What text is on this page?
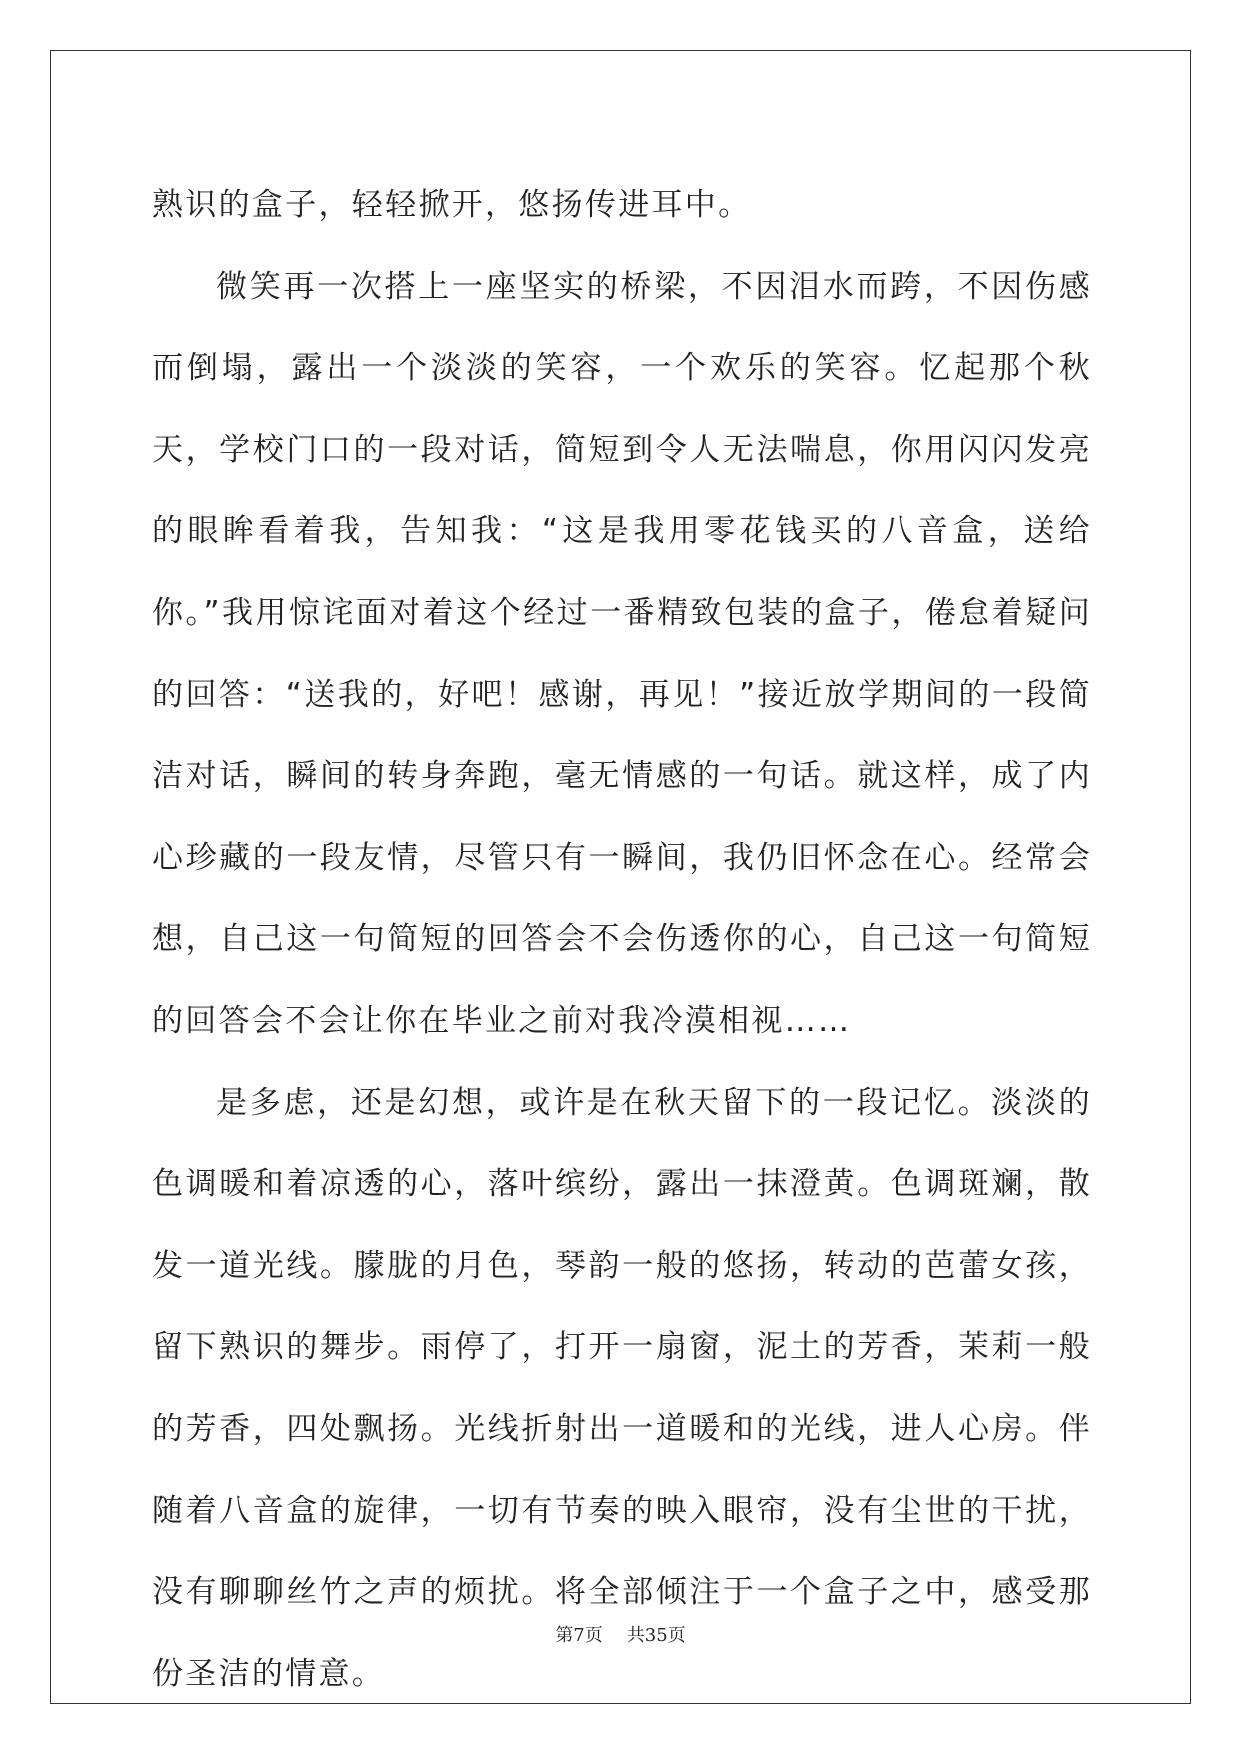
熟识的盒子，轻轻掀开，悠扬传进耳中。

微笑再一次搭上一座坚实的桥梁，不因泪水而跨，不因伤感而倒塌，露出一个淡淡的笑容，一个欢乐的笑容。忆起那个秋天，学校门口的一段对话，简短到令人无法喘息，你用闪闪发亮的眼眸看着我，告知我：“这是我用零花钱买的八音盒，送给你。”我用惊诧面对着这个经过一番精致包装的盒子，倦怠着疑问的回答：“送我的，好吧！感谢，再见！”接近放学期间的一段简洁对话，瞬间的转身奔跑，毫无情感的一句话。就这样，成了内心珍藏的一段友情，尽管只有一瞬间，我仍旧怀念在心。经常会想，自己这一句简短的回答会不会伤透你的心，自己这一句简短的回答会不会让你在毕业之前对我冷漠相视……

是多虑，还是幻想，或许是在秋天留下的一段记忆。淡淡的色调暖和着凉透的心，落叶缤纷，露出一抹澄黄。色调斑斓，散发一道光线。朦胧的月色，琴韵一般的悠扬，转动的芭蕾女孩，留下熟识的舞步。雨停了，打开一扇窗，泥土的芳香，茉莉一般的芳香，四处飘扬。光线折射出一道暖和的光线，进人心房。伴随着八音盒的旋律，一切有节奏的映入眼帘，没有尘世的干扰，没有聊聊丝竹之声的烦扰。将全部倾注于一个盒子之中，感受那份圣洁的情意。

第7页 共35页
